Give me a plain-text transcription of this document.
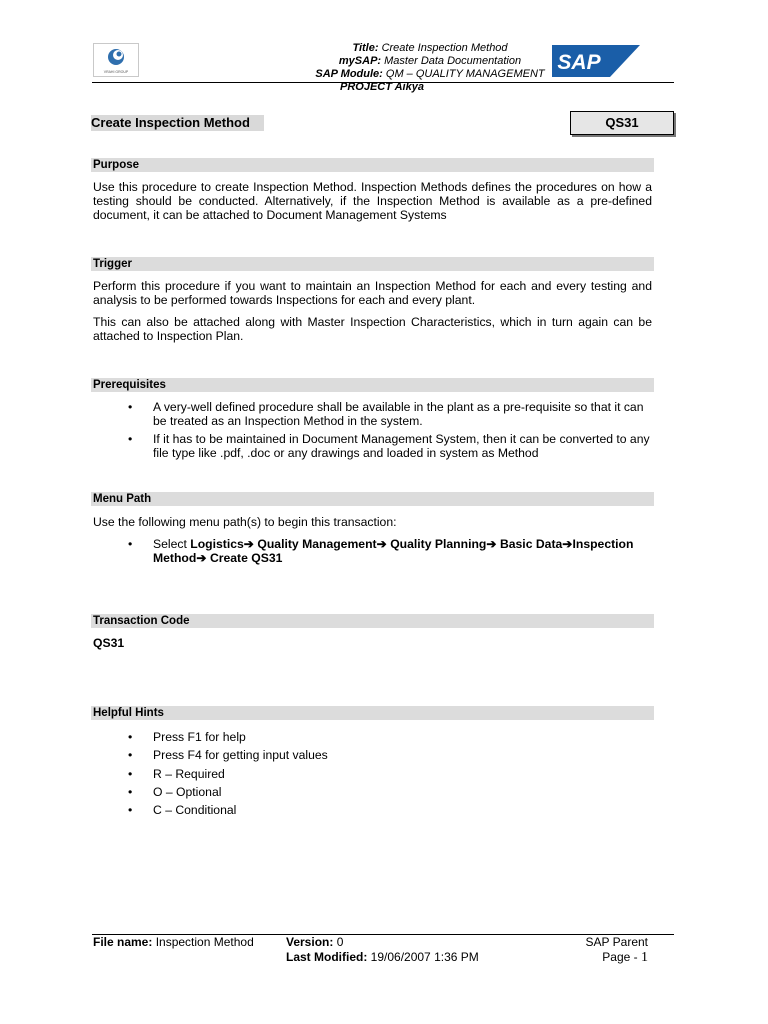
VRAHI GROUP
Title: Create Inspection Method
mySAP: Master Data Documentation
SAP Module: QM – QUALITY MANAGEMENT
PROJECT Aikya
SAP
Create Inspection Method	QS31
Purpose
Use this procedure to create Inspection Method. Inspection Methods defines the procedures on how a testing should be conducted. Alternatively, if the Inspection Method is available as a pre-defined document, it can be attached to Document Management Systems
Trigger
Perform this procedure if you want to maintain an Inspection Method for each and every testing and analysis to be performed towards Inspections for each and every plant.
This can also be attached along with Master Inspection Characteristics, which in turn again can be attached to Inspection Plan.
Prerequisites
•	A very-well defined procedure shall be available in the plant as a pre-requisite so that it can be treated as an Inspection Method in the system.
•	If it has to be maintained in Document Management System, then it can be converted to any file type like .pdf, .doc or any drawings and loaded in system as Method
Menu Path
Use the following menu path(s) to begin this transaction:
•	Select Logistics➔ Quality Management➔ Quality Planning➔ Basic Data➔Inspection Method➔ Create QS31
Transaction Code
QS31
Helpful Hints
•	Press F1 for help
•	Press F4 for getting input values
•	R – Required
•	O – Optional
•	C – Conditional
File name: Inspection Method	Version: 0
Last Modified: 19/06/2007 1:36 PM
SAP Parent
Page - 1
